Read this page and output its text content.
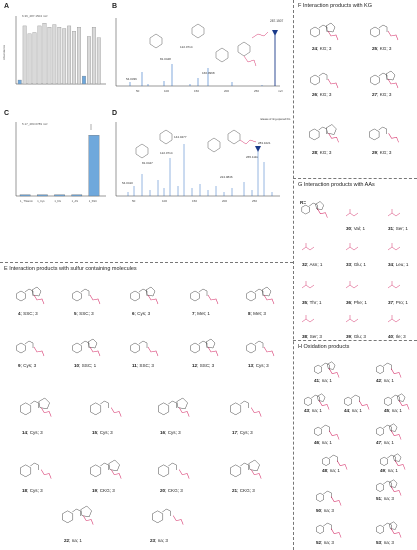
A
6.36_287.1504 m/z
Abundance
B
287.1507
81.0448
122.0714
54.0336
166.0968
50	100	150	200	250	m/z
C
5.17_283.0789 m/z
1_ Thiamin 1_Cys	1_KG	1_AS	1_SSC
D
81.0447
122.0714
144.0477
54.0410
224.0846
283.1021
265.1111
release of ring-opened KG
50	100	150	200	250
E Interaction products with sulfur containing molecules
F Interaction products with KG
G Interaction products with AAs
H Oxidation products
R=
4; SSC; 3	5; SSC; 3	6; Cys; 3	7; Met; 1	8; Met; 3
9; Cys; 3	10; SSC; 1	11; SSC; 3	12; SSC; 3	13; Cys; 3
14; Cys; 3	15; Cys; 3	16; Cys; 3	17; Cys; 3
18; Cys; 3	19; CKG; 3	20; CKG; 3	21; CKG; 3
22; na; 1	23; na; 3
24; KG; 3	25; KG; 3
26; KG; 3	27; KG; 3
28; KG; 3	29; KG; 3
30; Val; 1	31; Ser; 1
32; Asn; 1	33; Glu; 1	34; Leu; 1
35; Thr; 1	36; Phe; 1	37; Pro; 1
38; Ser; 3	39; Glu; 3	40; Ile; 3
41; na; 1	42; na; 1
43; na; 1	44; na; 1	45; na; 1
46; na; 1	47; na; 1
48; na; 1	49; na; 1
50; na; 3
51; na; 3
52; na; 3	53; na; 3
